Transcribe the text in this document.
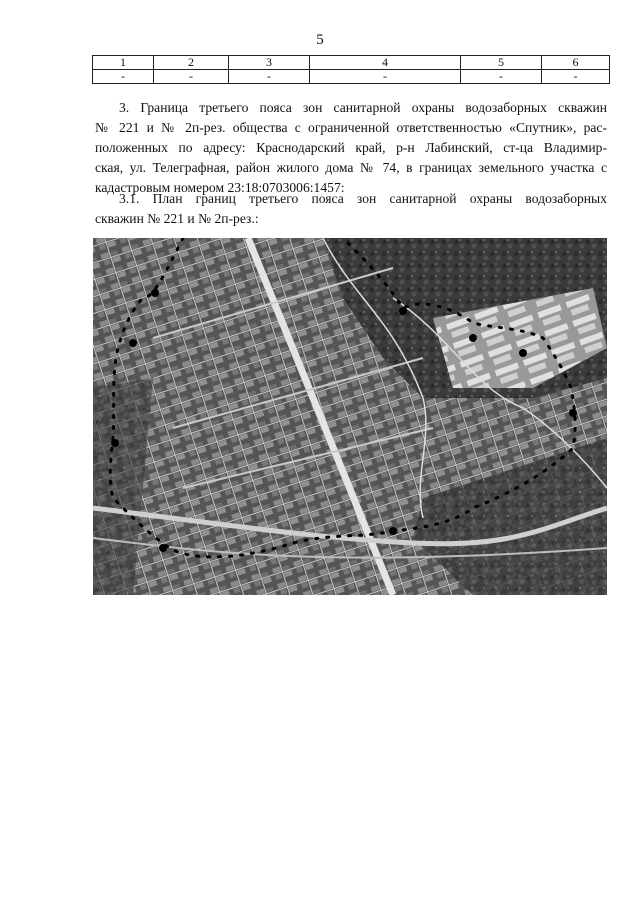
5
1	2	3	4	5	6
-	-	-	-	-	-
3. Граница третьего пояса зон санитарной охраны водозаборных скважин
№ 221 и № 2п-рез. общества с ограниченной ответственностью «Спутник», рас-
положенных по адресу: Краснодарский край, р-н Лабинский, ст-ца Владимир-
ская, ул. Телеграфная, район жилого дома № 74, в границах земельного участка с
кадастровым номером 23:18:0703006:1457:
3.1. План границ третьего пояса зон санитарной охраны водозаборных
скважин № 221 и № 2п-рез.:
